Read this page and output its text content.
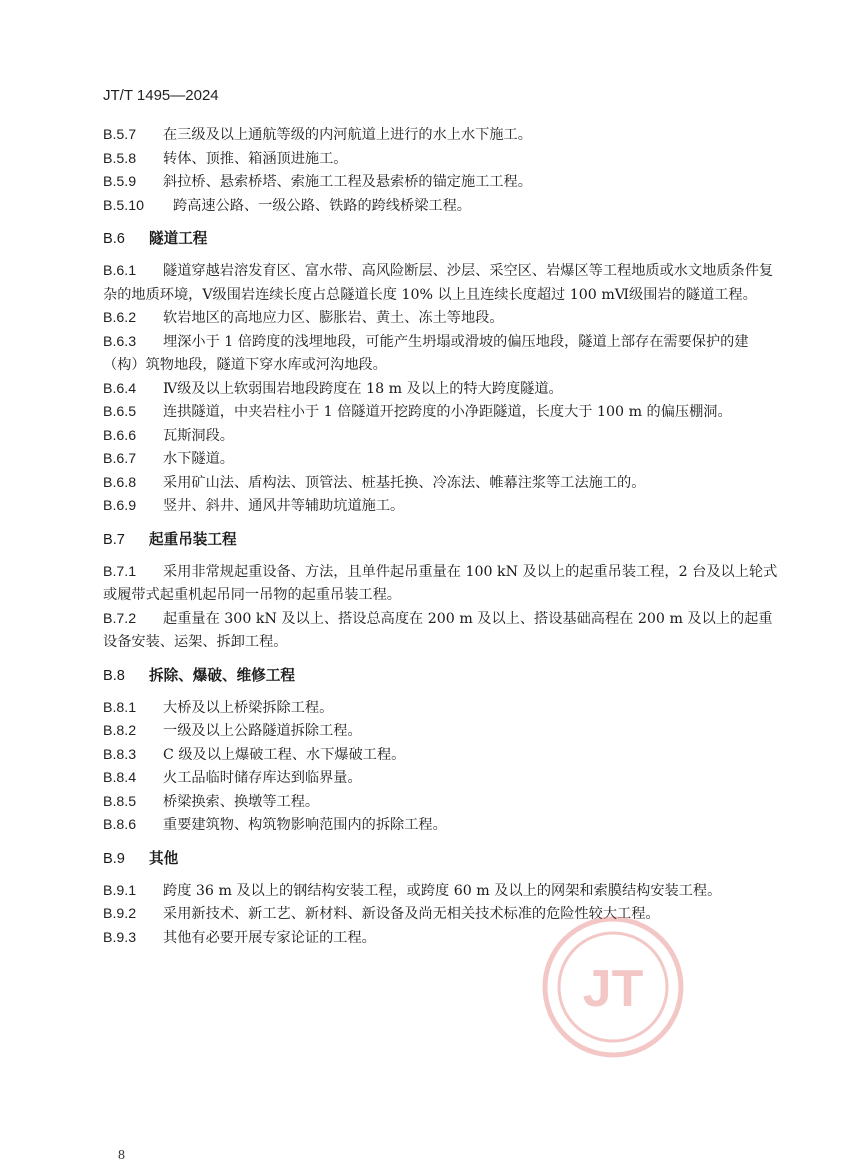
JT/T 1495—2024
B.5.7 在三级及以上通航等级的内河航道上进行的水上水下施工。
B.5.8 转体、顶推、箱涵顶进施工。
B.5.9 斜拉桥、悬索桥塔、索施工工程及悬索桥的锚定施工工程。
B.5.10 跨高速公路、一级公路、铁路的跨线桥梁工程。
B.6 隧道工程
B.6.1 隧道穿越岩溶发育区、富水带、高风险断层、沙层、采空区、岩爆区等工程地质或水文地质条件复杂的地质环境，Ⅴ级围岩连续长度占总隧道长度 10% 以上且连续长度超过 100 mⅥ级围岩的隧道工程。
B.6.2 软岩地区的高地应力区、膨胀岩、黄土、冻土等地段。
B.6.3 埋深小于 1 倍跨度的浅埋地段，可能产生坍塌或滑坡的偏压地段，隧道上部存在需要保护的建（构）筑物地段，隧道下穿水库或河沟地段。
B.6.4 Ⅳ级及以上软弱围岩地段跨度在 18 m 及以上的特大跨度隧道。
B.6.5 连拱隧道，中夹岩柱小于 1 倍隧道开挖跨度的小净距隧道，长度大于 100 m 的偏压棚洞。
B.6.6 瓦斯洞段。
B.6.7 水下隧道。
B.6.8 采用矿山法、盾构法、顶管法、桩基托换、冷冻法、帷幕注浆等工法施工的。
B.6.9 竖井、斜井、通风井等辅助坑道施工。
B.7 起重吊装工程
B.7.1 采用非常规起重设备、方法，且单件起吊重量在 100 kN 及以上的起重吊装工程，2 台及以上轮式或履带式起重机起吊同一吊物的起重吊装工程。
B.7.2 起重量在 300 kN 及以上、搭设总高度在 200 m 及以上、搭设基础高程在 200 m 及以上的起重设备安装、运架、拆卸工程。
B.8 拆除、爆破、维修工程
B.8.1 大桥及以上桥梁拆除工程。
B.8.2 一级及以上公路隧道拆除工程。
B.8.3 C 级及以上爆破工程、水下爆破工程。
B.8.4 火工品临时储存库达到临界量。
B.8.5 桥梁换索、换墩等工程。
B.8.6 重要建筑物、构筑物影响范围内的拆除工程。
B.9 其他
B.9.1 跨度 36 m 及以上的钢结构安装工程，或跨度 60 m 及以上的网架和索膜结构安装工程。
B.9.2 采用新技术、新工艺、新材料、新设备及尚无相关技术标准的危险性较大工程。
B.9.3 其他有必要开展专家论证的工程。
JT
8
